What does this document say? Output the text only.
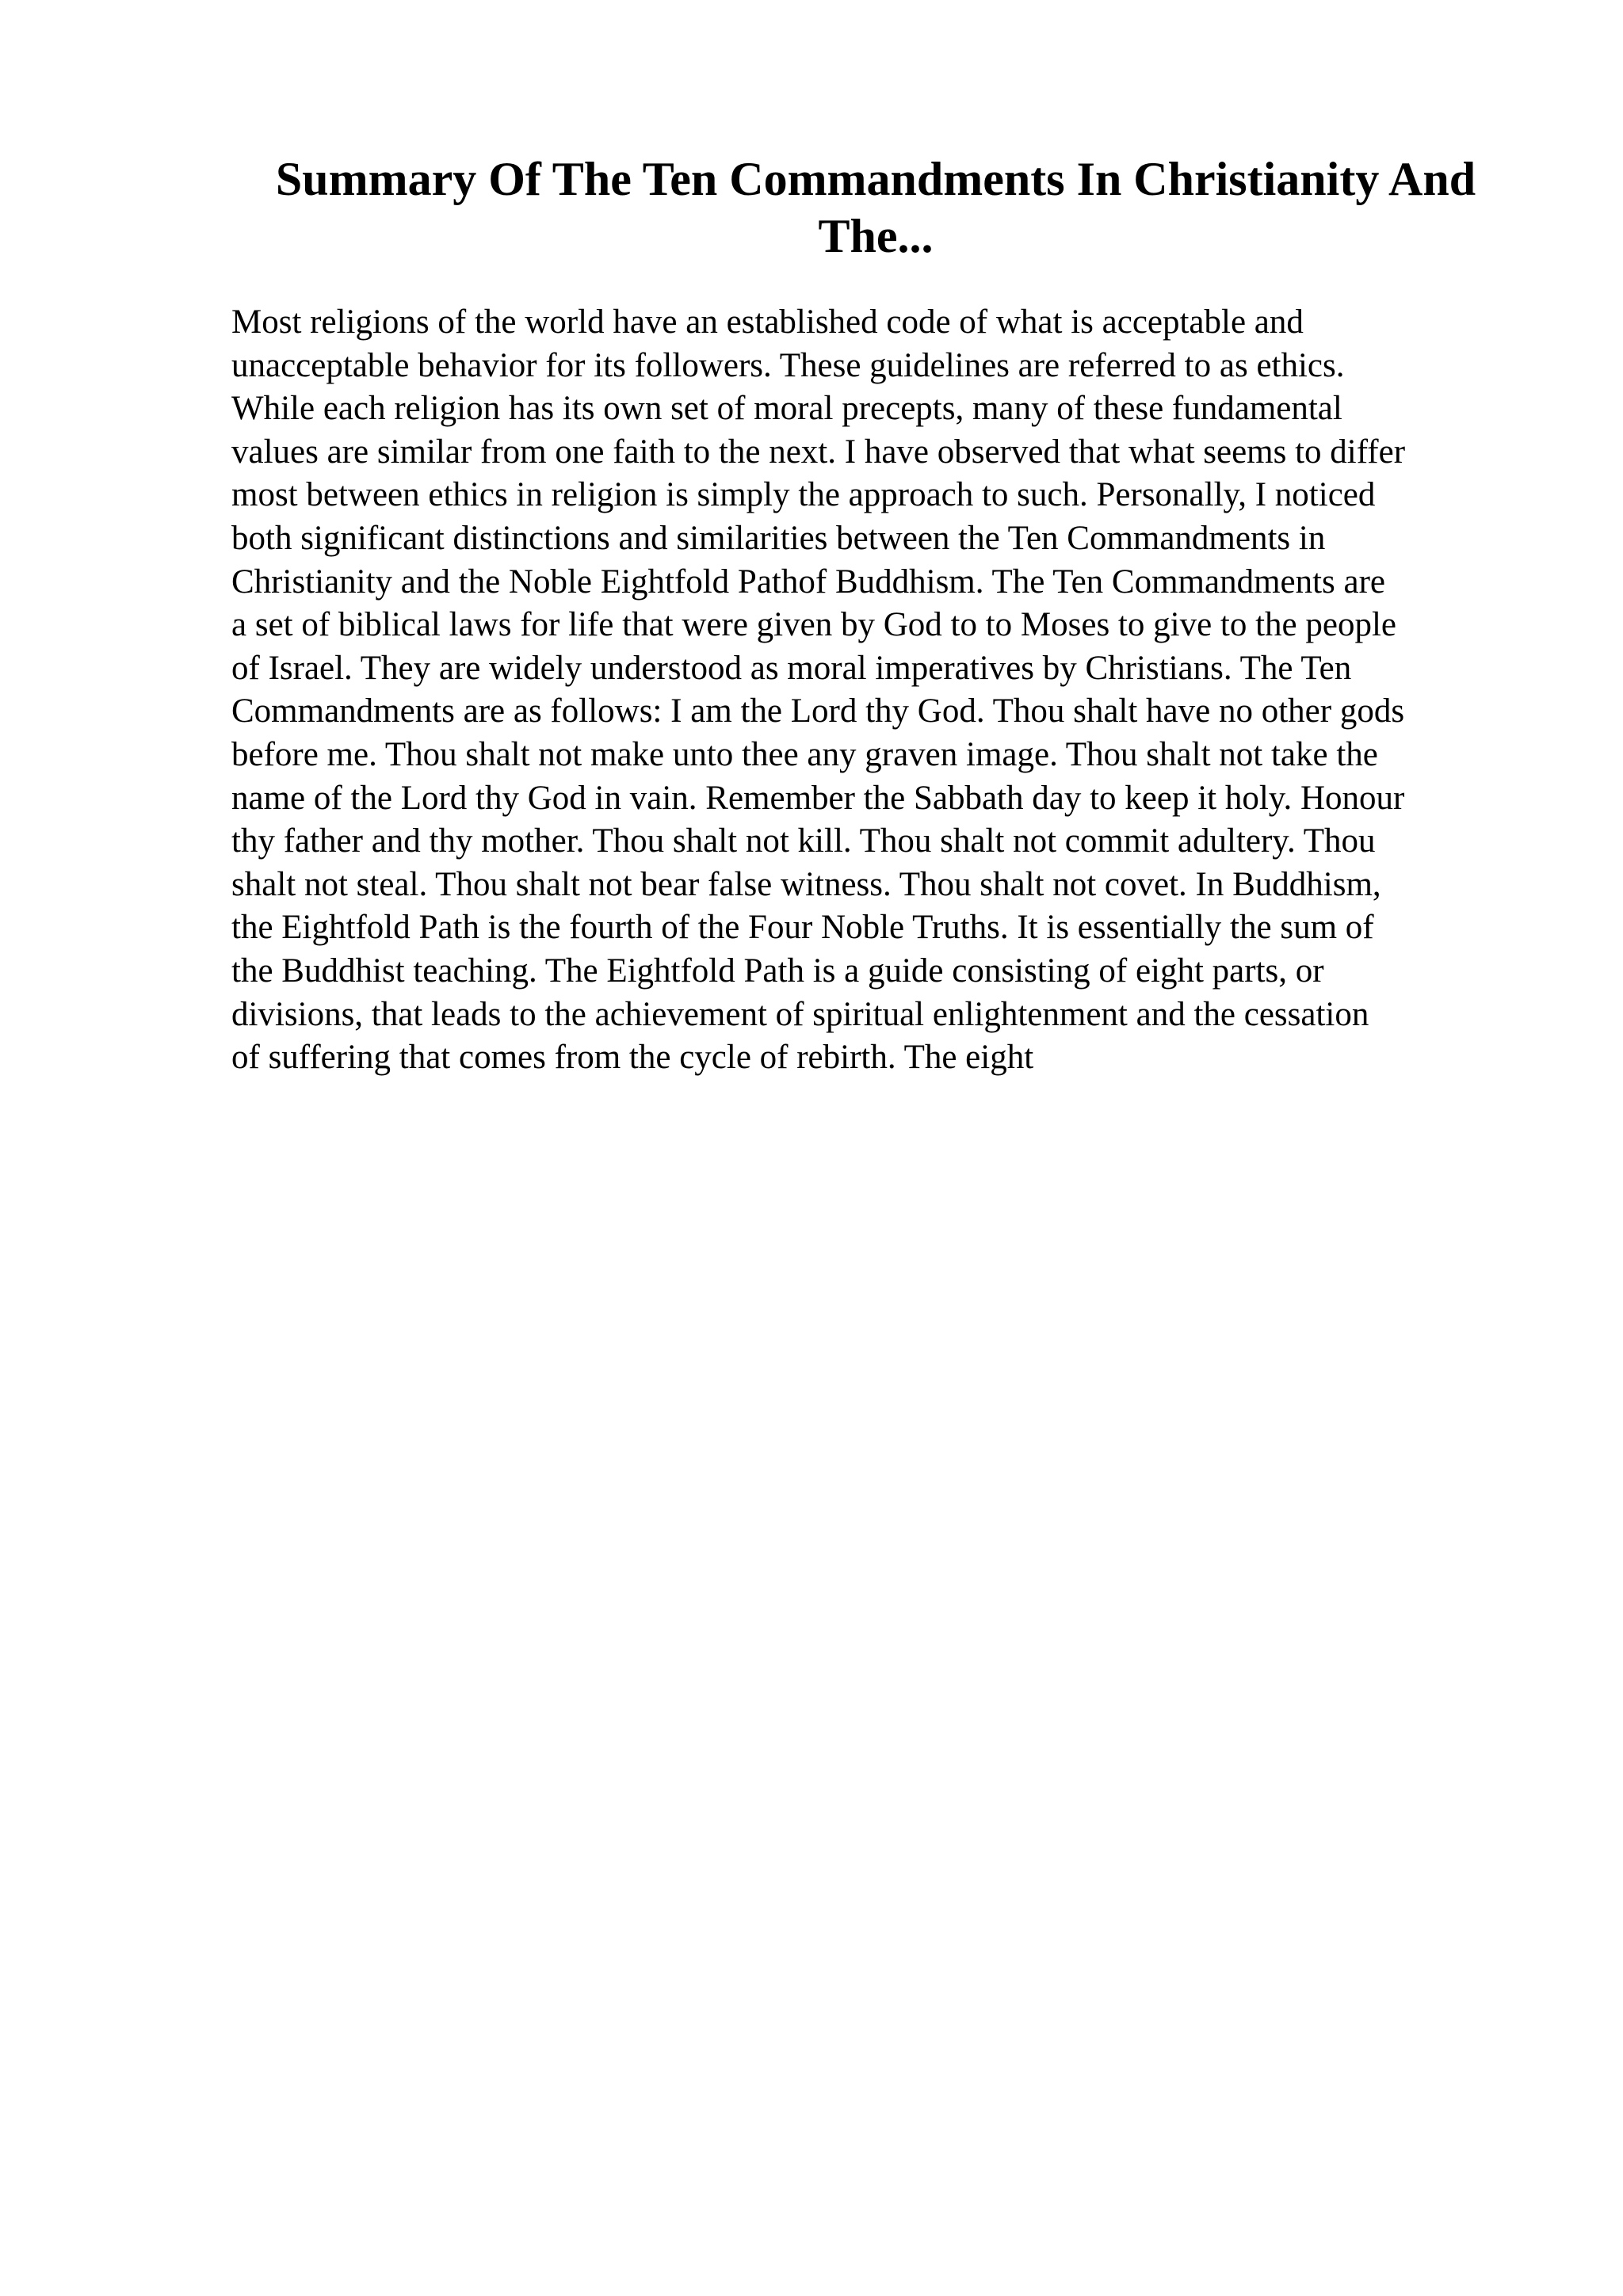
Summary Of The Ten Commandments In Christianity And
The...
Most religions of the world have an established code of what is acceptable and
unacceptable behavior for its followers. These guidelines are referred to as ethics.
While each religion has its own set of moral precepts, many of these fundamental
values are similar from one faith to the next. I have observed that what seems to differ
most between ethics in religion is simply the approach to such. Personally, I noticed
both significant distinctions and similarities between the Ten Commandments in
Christianity and the Noble Eightfold Pathof Buddhism. The Ten Commandments are
a set of biblical laws for life that were given by God to to Moses to give to the people
of Israel. They are widely understood as moral imperatives by Christians. The Ten
Commandments are as follows: I am the Lord thy God. Thou shalt have no other gods
before me. Thou shalt not make unto thee any graven image. Thou shalt not take the
name of the Lord thy God in vain. Remember the Sabbath day to keep it holy. Honour
thy father and thy mother. Thou shalt not kill. Thou shalt not commit adultery. Thou
shalt not steal. Thou shalt not bear false witness. Thou shalt not covet. In Buddhism,
the Eightfold Path is the fourth of the Four Noble Truths. It is essentially the sum of
the Buddhist teaching. The Eightfold Path is a guide consisting of eight parts, or
divisions, that leads to the achievement of spiritual enlightenment and the cessation
of suffering that comes from the cycle of rebirth. The eight
